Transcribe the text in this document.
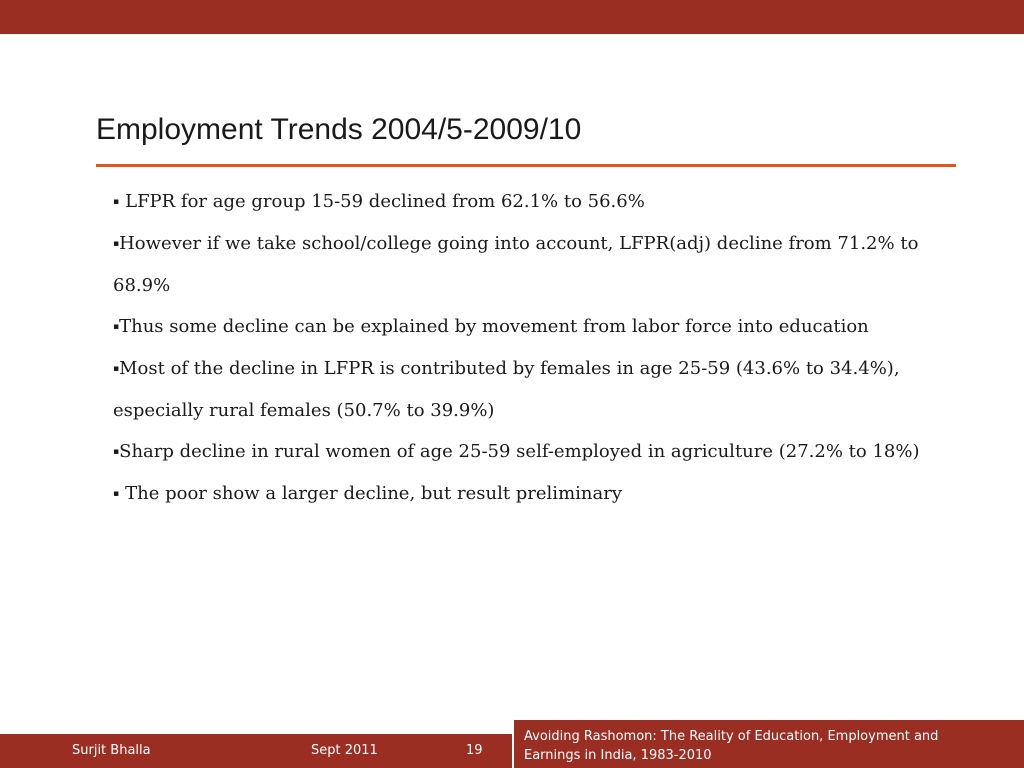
Employment Trends 2004/5-2009/10
▪ LFPR for age group 15-59 declined from 62.1% to 56.6%
▪However if we take school/college going into account, LFPR(adj) decline from 71.2% to 68.9%
▪Thus some decline can be explained by movement from labor force into education
▪Most of the decline in LFPR is contributed by females in age 25-59 (43.6% to 34.4%), especially rural females (50.7% to 39.9%)
▪Sharp decline in rural women of age 25-59 self-employed in agriculture (27.2% to 18%)
▪ The poor show a larger decline, but result preliminary
Surjit Bhalla	Sept 2011	19
Avoiding Rashomon: The Reality of Education, Employment and Earnings in India, 1983-2010
